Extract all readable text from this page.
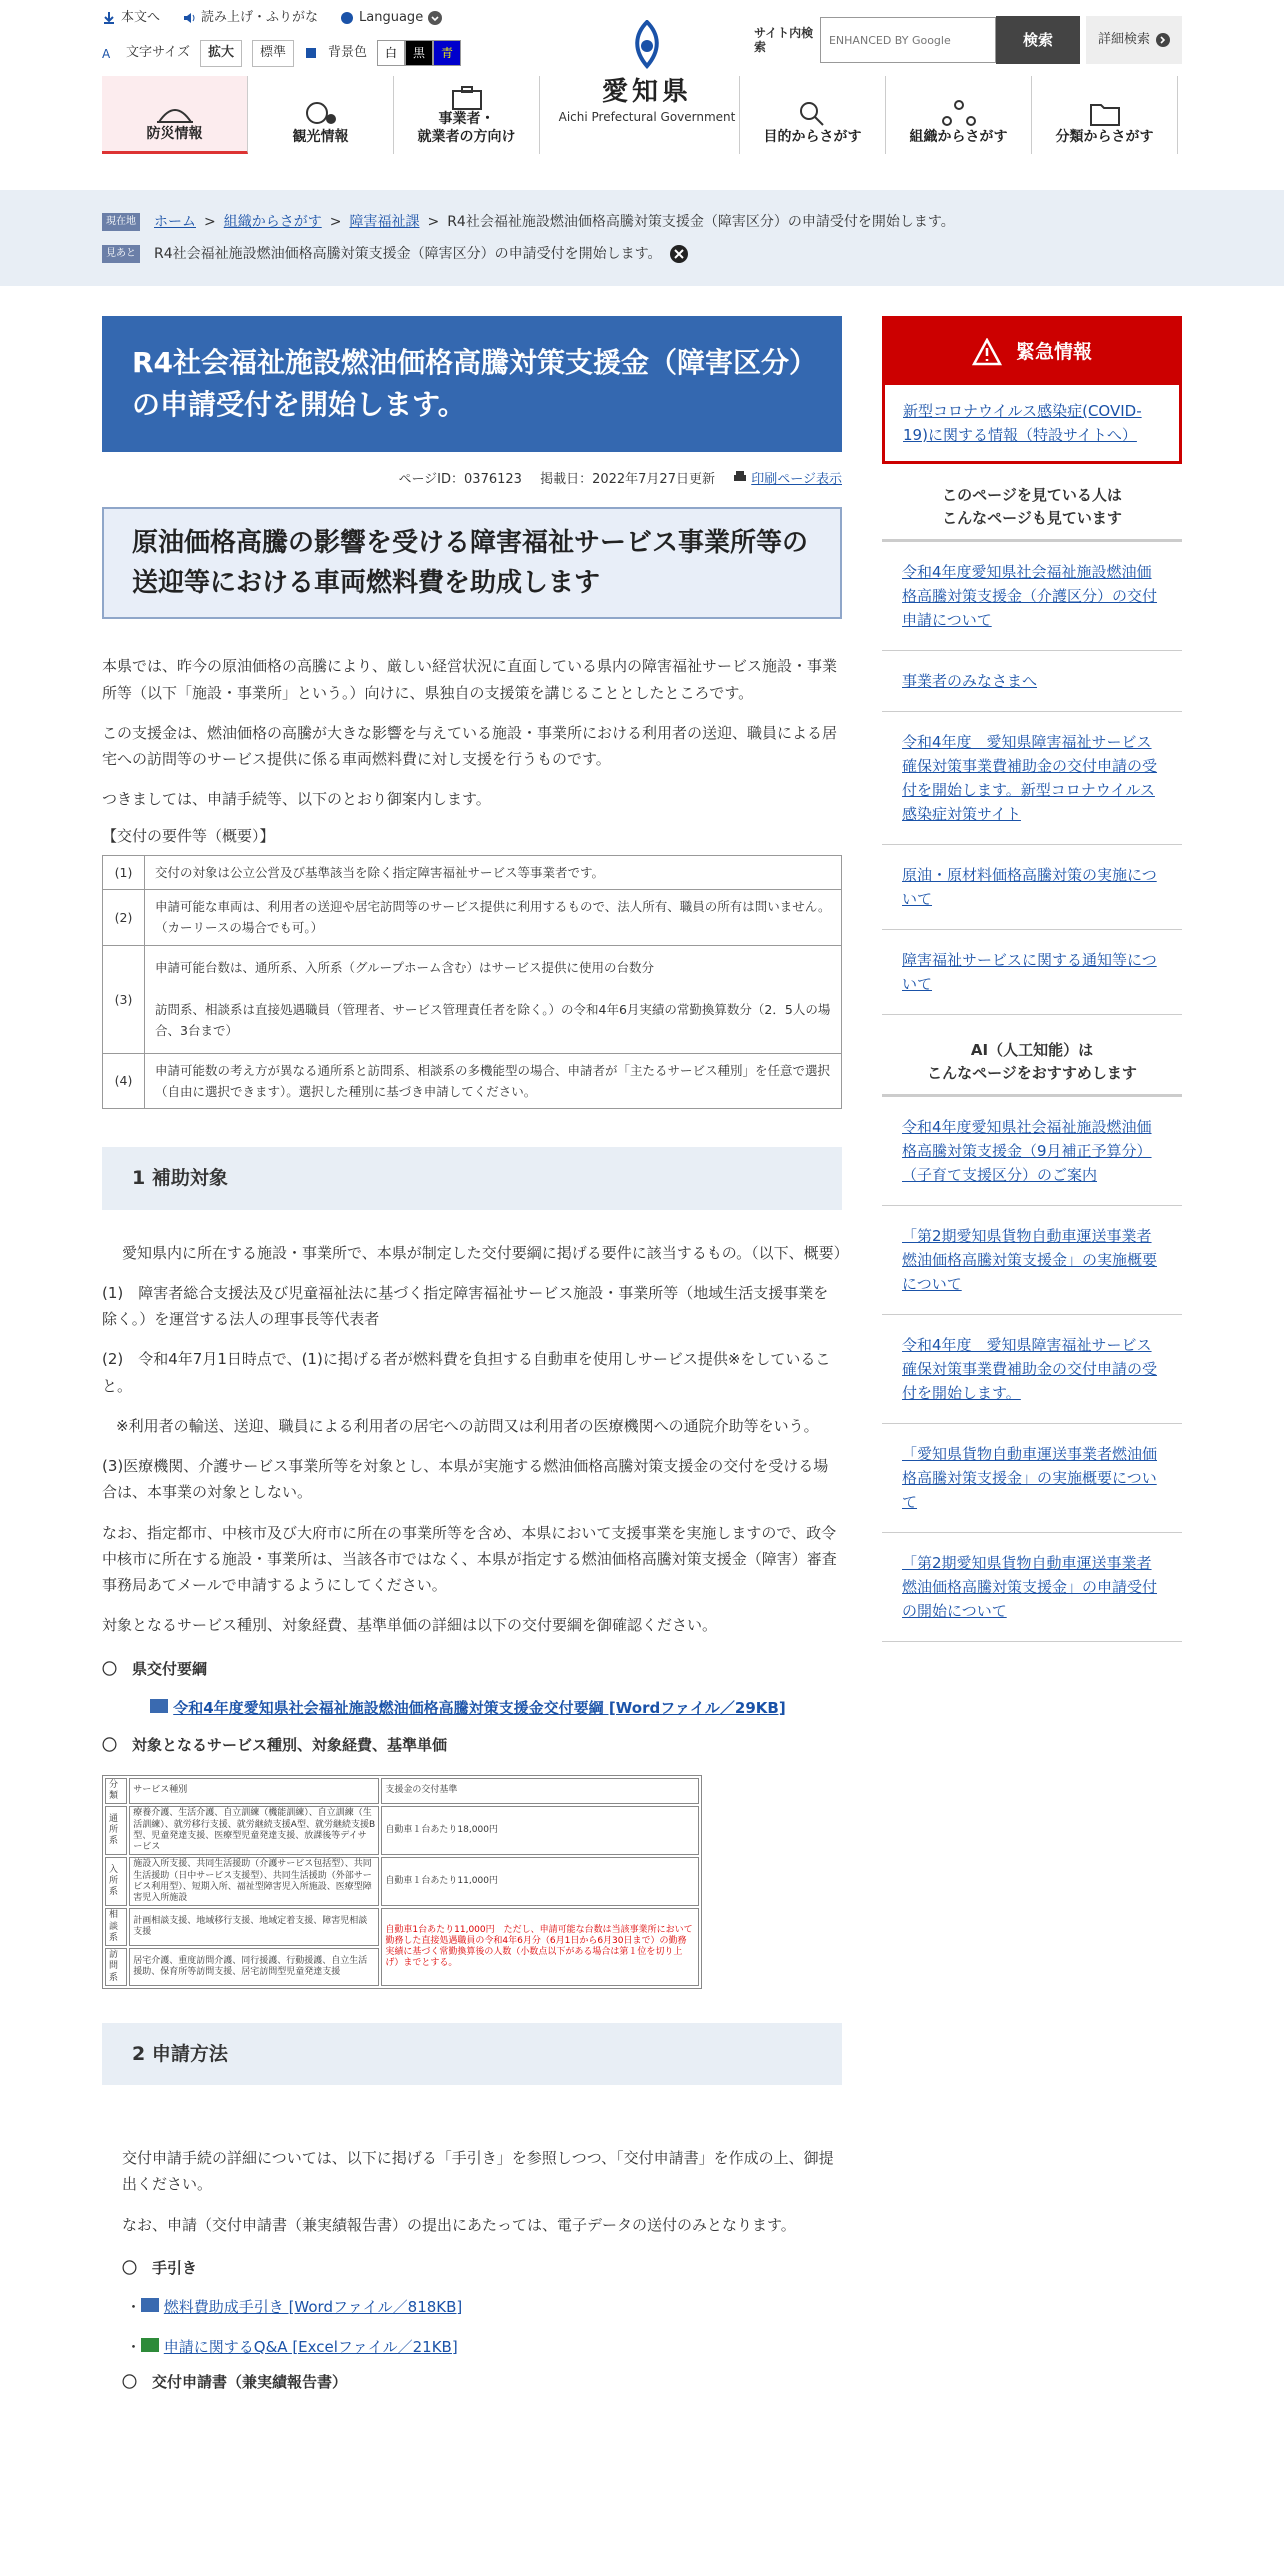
本文へ	読み上げ・ふりがな	Language
A 文字サイズ	拡大	標準	背景色	白	黒	青
愛知県
Aichi Prefectural Government
サイト内検索
ENHANCED BY Google	検索	詳細検索
防災情報	観光情報
事業者・
就業者の方向け	目的からさがす	組織からさがす	分類からさがす
現在地 ホーム > 組織からさがす > 障害福祉課 > R4社会福祉施設燃油価格高騰対策支援金（障害区分）の申請受付を開始します。
見あと R4社会福祉施設燃油価格高騰対策支援金（障害区分）の申請受付を開始します。
R4社会福祉施設燃油価格高騰対策支援金（障害区分）の申請受付を開始します。
ページID：0376123 掲載日：2022年7月27日更新	印刷ページ表示
原油価格高騰の影響を受ける障害福祉サービス事業所等の送迎等における車両燃料費を助成します

本県では、昨今の原油価格の高騰により、厳しい経営状況に直面している県内の障害福祉サービス施設・事業所等（以下「施設・事業所」という。）向けに、県独自の支援策を講じることとしたところです。

この支援金は、燃油価格の高騰が大きな影響を与えている施設・事業所における利用者の送迎、職員による居宅への訪問等のサービス提供に係る車両燃料費に対し支援を行うものです。

つきましては、申請手続等、以下のとおり御案内します。

【交付の要件等（概要）】

(1)	交付の対象は公立公営及び基準該当を除く指定障害福祉サービス等事業者です。
(2)	申請可能な車両は、利用者の送迎や居宅訪問等のサービス提供に利用するもので、法人所有、職員の所有は問いません。（カーリースの場合でも可。）
(3)	申請可能台数は、通所系、入所系（グループホーム含む）はサービス提供に使用の台数分

訪問系、相談系は直接処遇職員（管理者、サービス管理責任者を除く。）の令和4年6月実績の常勤換算数分（2．5人の場合、3台まで）
(4)	申請可能数の考え方が異なる通所系と訪問系、相談系の多機能型の場合、申請者が「主たるサービス種別」を任意で選択（自由に選択できます）。選択した種別に基づき申請してください。
1 補助対象

愛知県内に所在する施設・事業所で、本県が制定した交付要綱に掲げる要件に該当するもの。（以下、概要）

(1)　障害者総合支援法及び児童福祉法に基づく指定障害福祉サービス施設・事業所等（地域生活支援事業を除く。）を運営する法人の理事長等代表者

(2)　令和4年7月1日時点で、(1)に掲げる者が燃料費を負担する自動車を使用しサービス提供※をしていること。

※利用者の輸送、送迎、職員による利用者の居宅への訪問又は利用者の医療機関への通院介助等をいう。

(3)医療機関、介護サービス事業所等を対象とし、本県が実施する燃油価格高騰対策支援金の交付を受ける場合は、本事業の対象としない。

なお、指定都市、中核市及び大府市に所在の事業所等を含め、本県において支援事業を実施しますので、政令中核市に所在する施設・事業所は、当該各市ではなく、本県が指定する燃油価格高騰対策支援金（障害）審査事務局あてメールで申請するようにしてください。

対象となるサービス種別、対象経費、基準単価の詳細は以下の交付要綱を御確認ください。

〇　県交付要綱

令和4年度愛知県社会福祉施設燃油価格高騰対策支援金交付要綱 [Wordファイル／29KB]

〇　対象となるサービス種別、対象経費、基準単価

分類	サービス種別	支援金の交付基準
通所系	療養介護、生活介護、自立訓練（機能訓練）、自立訓練（生活訓練）、就労移行支援、就労継続支援A型、就労継続支援B型、児童発達支援、医療型児童発達支援、放課後等デイサービス	自動車１台あたり18,000円
入所系	施設入所支援、共同生活援助（介護サービス包括型）、共同生活援助（日中サービス支援型）、共同生活援助（外部サービス利用型）、短期入所、福祉型障害児入所施設、医療型障害児入所施設	自動車１台あたり11,000円
相談系	計画相談支援、地域移行支援、地域定着支援、障害児相談支援	自動車1台あたり11,000円　ただし、申請可能な台数は当該事業所において勤務した直接処遇職員の令和4年6月分（6月1日から6月30日まで）の勤務実績に基づく常勤換算後の人数（小数点以下がある場合は第１位を切り上げ）までとする。
訪問系	居宅介護、重度訪問介護、同行援護、行動援護、自立生活援助、保育所等訪問支援、居宅訪問型児童発達支援	
2 申請方法

交付申請手続の詳細については、以下に掲げる「手引き」を参照しつつ、「交付申請書」を作成の上、御提出ください。

なお、申請（交付申請書（兼実績報告書）の提出にあたっては、電子データの送付のみとなります。

〇　手引き

・ 燃料費助成手引き [Wordファイル／818KB]

・ 申請に関するQ&A [Excelファイル／21KB]

〇　交付申請書（兼実績報告書）

緊急情報
新型コロナウイルス感染症(COVID-19)に関する情報（特設サイトへ）
このページを見ている人は
こんなページも見ています
令和4年度愛知県社会福祉施設燃油価格高騰対策支援金（介護区分）の交付申請について
事業者のみなさまへ
令和4年度　愛知県障害福祉サービス確保対策事業費補助金の交付申請の受付を開始します。新型コロナウイルス感染症対策サイト
原油・原材料価格高騰対策の実施について
障害福祉サービスに関する通知等について
AI（人工知能）は
こんなページをおすすめします
令和4年度愛知県社会福祉施設燃油価格高騰対策支援金（9月補正予算分）（子育て支援区分）のご案内
「第2期愛知県貨物自動車運送事業者燃油価格高騰対策支援金」の実施概要について
令和4年度　愛知県障害福祉サービス確保対策事業費補助金の交付申請の受付を開始します。
「愛知県貨物自動車運送事業者燃油価格高騰対策支援金」の実施概要について
「第2期愛知県貨物自動車運送事業者燃油価格高騰対策支援金」の申請受付の開始について
